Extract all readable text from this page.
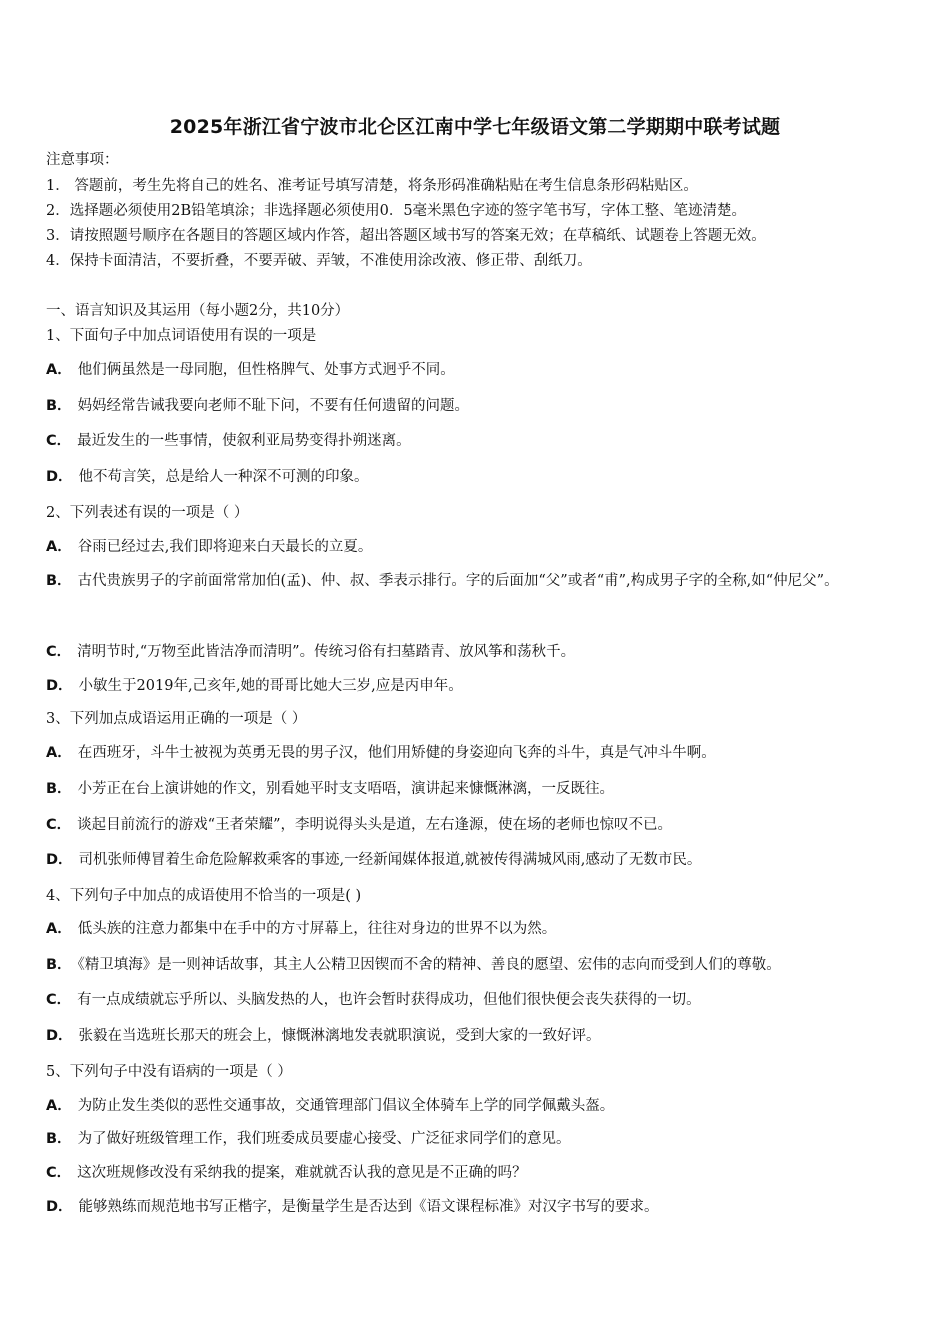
2025年浙江省宁波市北仑区江南中学七年级语文第二学期期中联考试题
注意事项：
1． 答题前，考生先将自己的姓名、准考证号填写清楚，将条形码准确粘贴在考生信息条形码粘贴区。
2．选择题必须使用2B铅笔填涂；非选择题必须使用0．5毫米黑色字迹的签字笔书写，字体工整、笔迹清楚。
3．请按照题号顺序在各题目的答题区域内作答，超出答题区域书写的答案无效；在草稿纸、试题卷上答题无效。
4．保持卡面清洁，不要折叠，不要弄破、弄皱，不准使用涂改液、修正带、刮纸刀。
一、语言知识及其运用（每小题2分，共10分）
1、下面句子中加点词语使用有误的一项是
A． 他们俩虽然是一母同胞，但性格脾气、处事方式迥乎不同。
B． 妈妈经常告诫我要向老师不耻下问，不要有任何遗留的问题。
C． 最近发生的一些事情，使叙利亚局势变得扑朔迷离。
D． 他不苟言笑，总是给人一种深不可测的印象。
2、下列表述有误的一项是（ ）
A． 谷雨已经过去,我们即将迎来白天最长的立夏。
B． 古代贵族男子的字前面常常加伯(孟)、仲、叔、季表示排行。字的后面加“父”或者“甫”,构成男子字的全称,如“仲尼父”。
C． 清明节时,“万物至此皆洁净而清明”。传统习俗有扫墓踏青、放风筝和荡秋千。
D． 小敏生于2019年,己亥年,她的哥哥比她大三岁,应是丙申年。
3、下列加点成语运用正确的一项是（ ）
A． 在西班牙，斗牛士被视为英勇无畏的男子汉，他们用矫健的身姿迎向飞奔的斗牛，真是气冲斗牛啊。
B． 小芳正在台上演讲她的作文，别看她平时支支唔唔，演讲起来慷慨淋漓，一反既往。
C． 谈起目前流行的游戏“王者荣耀”，李明说得头头是道，左右逢源，使在场的老师也惊叹不已。
D． 司机张师傅冒着生命危险解救乘客的事迹,一经新闻媒体报道,就被传得满城风雨,感动了无数市民。
4、下列句子中加点的成语使用不恰当的一项是( )
A． 低头族的注意力都集中在手中的方寸屏幕上，往往对身边的世界不以为然。
B． 《精卫填海》是一则神话故事，其主人公精卫因锲而不舍的精神、善良的愿望、宏伟的志向而受到人们的尊敬。
C． 有一点成绩就忘乎所以、头脑发热的人，也许会暂时获得成功，但他们很快便会丧失获得的一切。
D． 张毅在当选班长那天的班会上，慷慨淋漓地发表就职演说，受到大家的一致好评。
5、下列句子中没有语病的一项是（ ）
A． 为防止发生类似的恶性交通事故，交通管理部门倡议全体骑车上学的同学佩戴头盔。
B． 为了做好班级管理工作，我们班委成员要虚心接受、广泛征求同学们的意见。
C． 这次班规修改没有采纳我的提案，难就就否认我的意见是不正确的吗？
D． 能够熟练而规范地书写正楷字，是衡量学生是否达到《语文课程标准》对汉字书写的要求。
